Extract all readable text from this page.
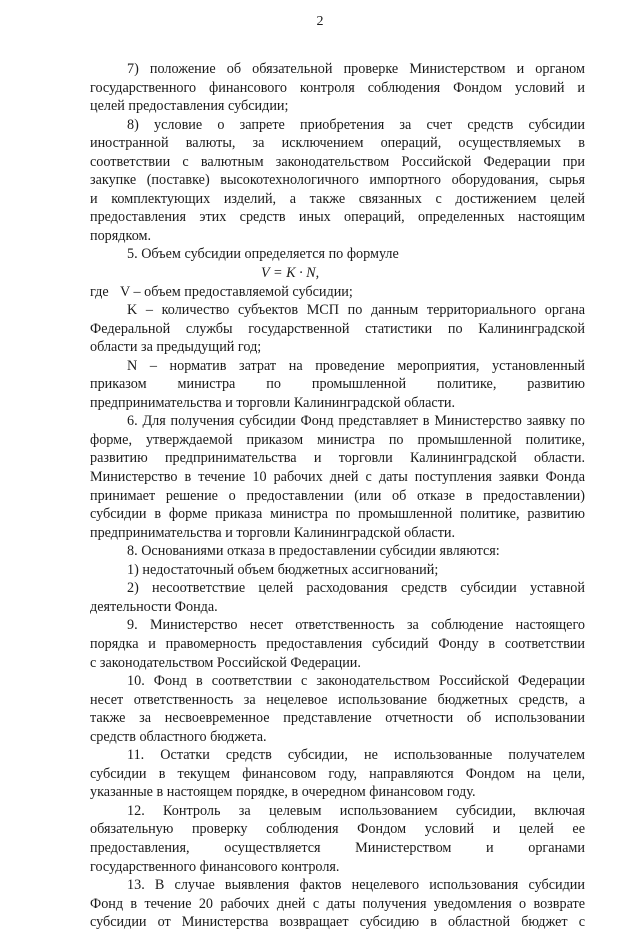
2
7) положение об обязательной проверке Министерством и органом
государственного финансового контроля соблюдения Фондом условий и
целей предоставления субсидии;
8) условие о запрете приобретения за счет средств субсидии
иностранной валюты, за исключением операций, осуществляемых в
соответствии с валютным законодательством Российской Федерации при
закупке (поставке) высокотехнологичного импортного оборудования, сырья
и комплектующих изделий, а также связанных с достижением целей
предоставления этих средств иных операций, определенных настоящим
порядком.
5. Объем субсидии определяется по формуле
V = K · N,
где V – объем предоставляемой субсидии;
K – количество субъектов МСП по данным территориального органа
Федеральной службы государственной статистики по Калининградской
области за предыдущий год;
N – норматив затрат на проведение мероприятия, установленный
приказом министра по промышленной политике, развитию
предпринимательства и торговли Калининградской области.
6. Для получения субсидии Фонд представляет в Министерство заявку по
форме, утверждаемой приказом министра по промышленной политике,
развитию предпринимательства и торговли Калининградской области.
Министерство в течение 10 рабочих дней с даты поступления заявки Фонда
принимает решение о предоставлении (или об отказе в предоставлении)
субсидии в форме приказа министра по промышленной политике, развитию
предпринимательства и торговли Калининградской области.
8. Основаниями отказа в предоставлении субсидии являются:
1) недостаточный объем бюджетных ассигнований;
2) несоответствие целей расходования средств субсидии уставной
деятельности Фонда.
9. Министерство несет ответственность за соблюдение настоящего
порядка и правомерность предоставления субсидий Фонду в соответствии
с законодательством Российской Федерации.
10. Фонд в соответствии с законодательством Российской Федерации
несет ответственность за нецелевое использование бюджетных средств, а
также за несвоевременное представление отчетности об использовании
средств областного бюджета.
11. Остатки средств субсидии, не использованные получателем
субсидии в текущем финансовом году, направляются Фондом на цели,
указанные в настоящем порядке, в очередном финансовом году.
12. Контроль за целевым использованием субсидии, включая
обязательную проверку соблюдения Фондом условий и целей ее
предоставления, осуществляется Министерством и органами
государственного финансового контроля.
13. В случае выявления фактов нецелевого использования субсидии
Фонд в течение 20 рабочих дней с даты получения уведомления о возврате
субсидии от Министерства возвращает субсидию в областной бюджет с
